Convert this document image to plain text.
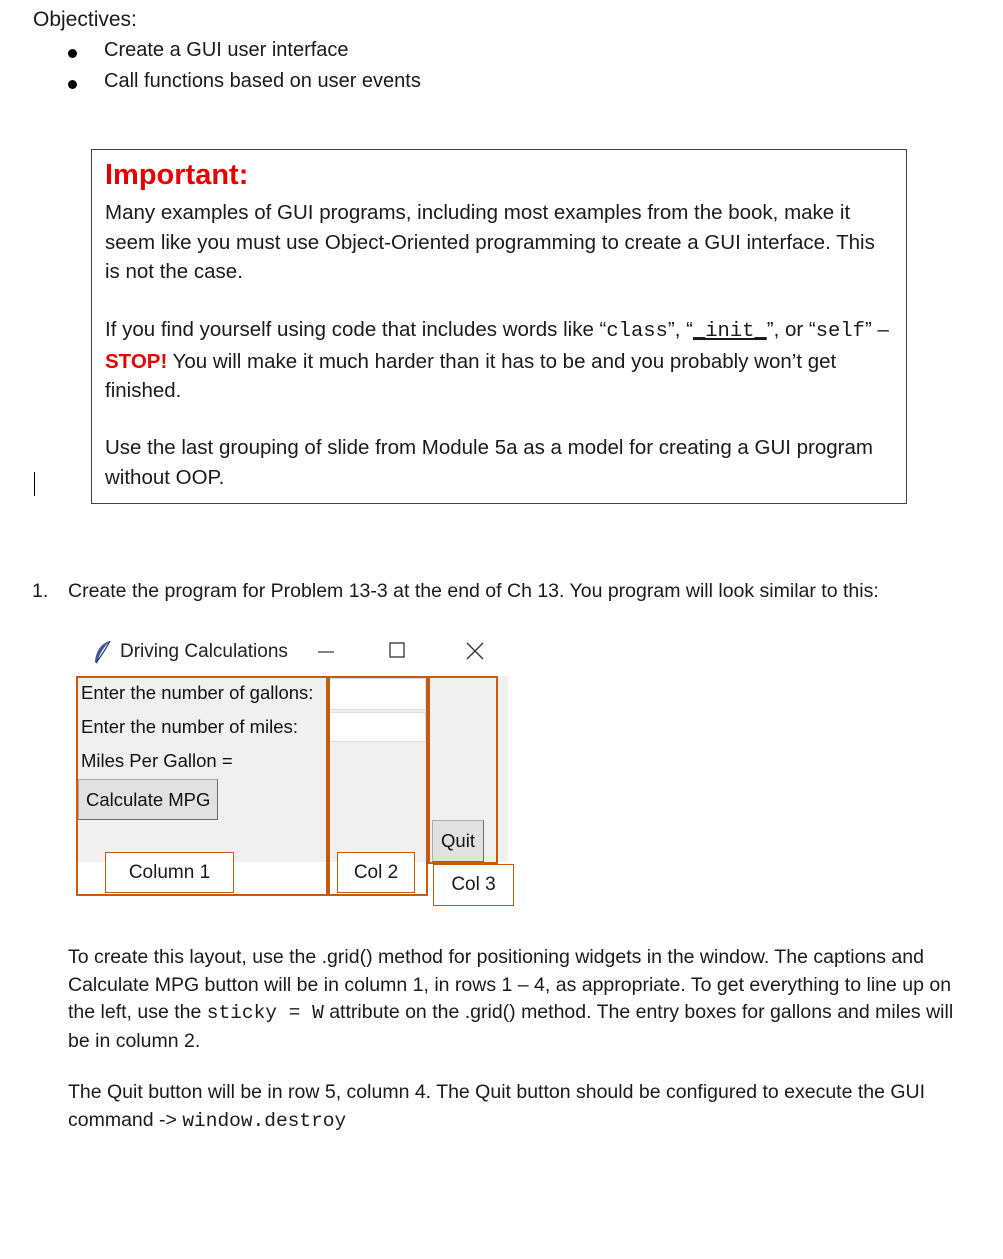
Objectives:
Create a GUI user interface
Call functions based on user events
Important:
Many examples of GUI programs, including most examples from the book, make it seem like you must use Object-Oriented programming to create a GUI interface. This is not the case.
If you find yourself using code that includes words like “class”, “_init_”, or “self” – STOP! You will make it much harder than it has to be and you probably won’t get finished.
Use the last grouping of slide from Module 5a as a model for creating a GUI program without OOP.
1. Create the program for Problem 13-3 at the end of Ch 13. You program will look similar to this:
Driving Calculations
Enter the number of gallons:
Enter the number of miles:
Miles Per Gallon =
Calculate MPG
Quit
Column 1	Col 2
Col 3
To create this layout, use the .grid() method for positioning widgets in the window. The captions and Calculate MPG button will be in column 1, in rows 1 – 4, as appropriate. To get everything to line up on the left, use the sticky = W attribute on the .grid() method. The entry boxes for gallons and miles will be in column 2.
The Quit button will be in row 5, column 4. The Quit button should be configured to execute the GUI command -> window.destroy
